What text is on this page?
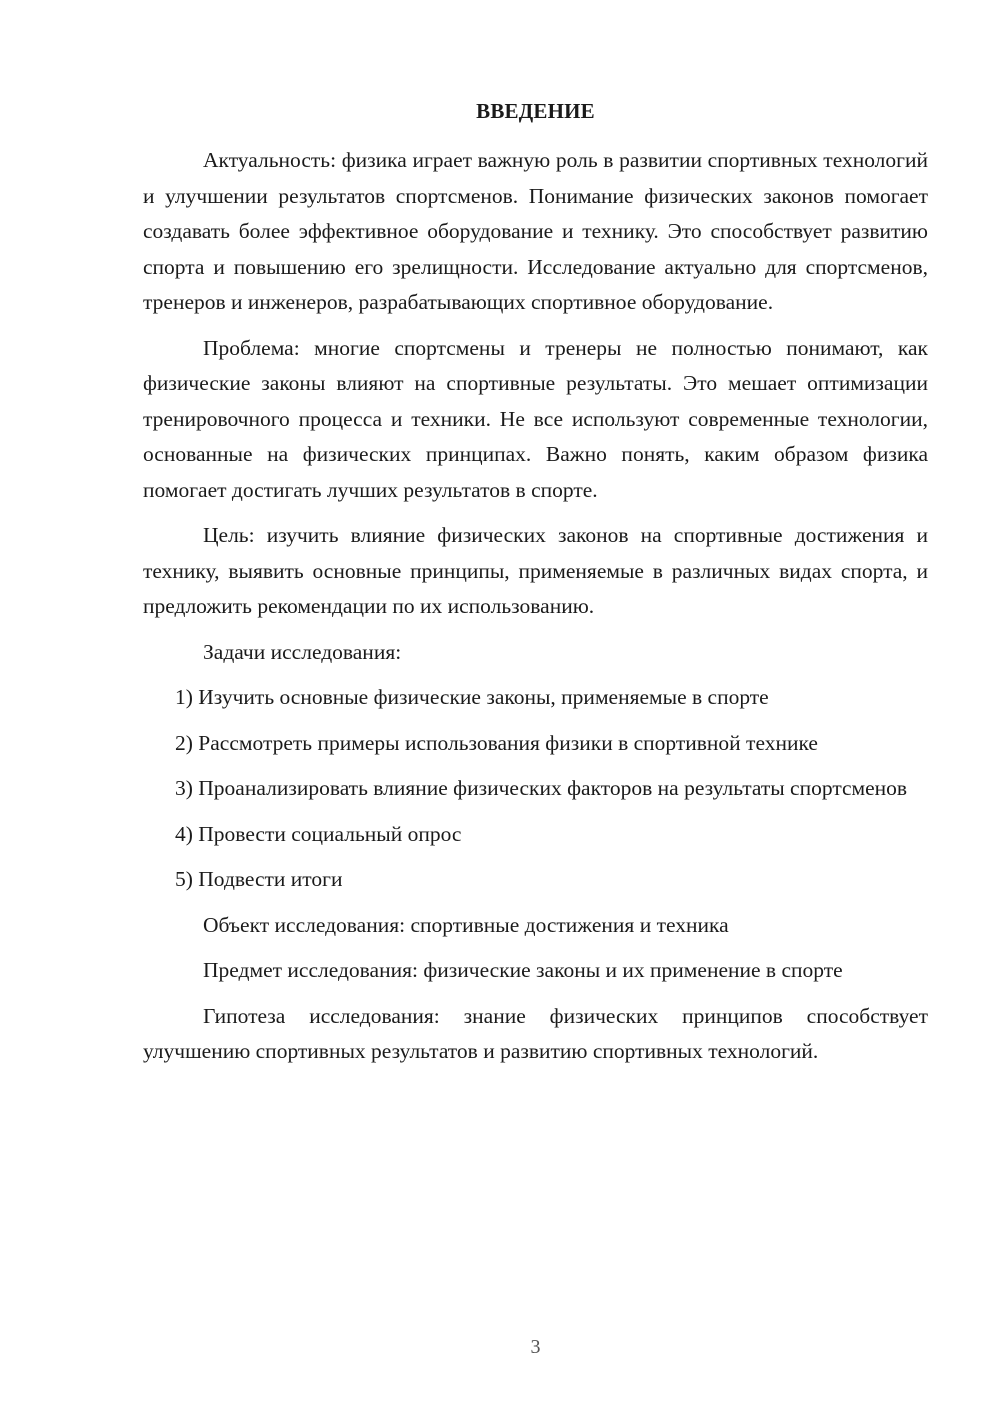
ВВЕДЕНИЕ

Актуальность: физика играет важную роль в развитии спортивных технологий и улучшении результатов спортсменов. Понимание физических законов помогает создавать более эффективное оборудование и технику. Это способствует развитию спорта и повышению его зрелищности. Исследование актуально для спортсменов, тренеров и инженеров, разрабатывающих спортивное оборудование.

Проблема: многие спортсмены и тренеры не полностью понимают, как физические законы влияют на спортивные результаты. Это мешает оптимизации тренировочного процесса и техники. Не все используют современные технологии, основанные на физических принципах. Важно понять, каким образом физика помогает достигать лучших результатов в спорте.

Цель: изучить влияние физических законов на спортивные достижения и технику, выявить основные принципы, применяемые в различных видах спорта, и предложить рекомендации по их использованию.

Задачи исследования:

1) Изучить основные физические законы, применяемые в спорте

2) Рассмотреть примеры использования физики в спортивной технике

3) Проанализировать влияние физических факторов на результаты спортсменов

4) Провести социальный опрос

5) Подвести итоги

Объект исследования: спортивные достижения и техника

Предмет исследования: физические законы и их применение в спорте

Гипотеза исследования: знание физических принципов способствует улучшению спортивных результатов и развитию спортивных технологий.

3
